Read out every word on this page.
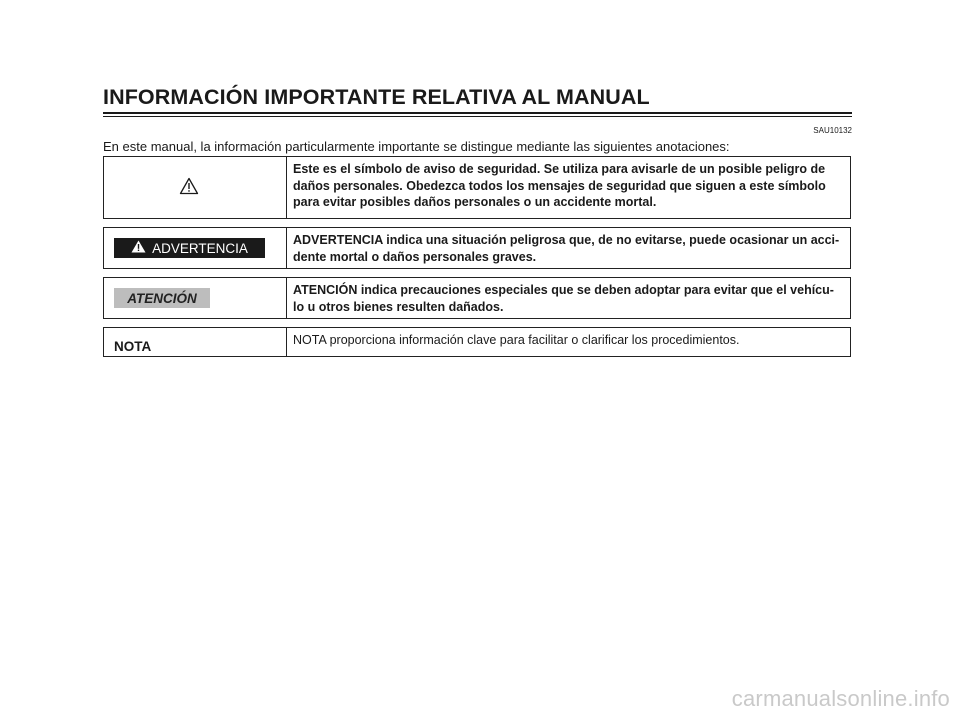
INFORMACIÓN IMPORTANTE RELATIVA AL MANUAL
SAU10132
En este manual, la información particularmente importante se distingue mediante las siguientes anotaciones:
Este es el símbolo de aviso de seguridad. Se utiliza para avisarle de un posible peligro de
daños personales. Obedezca todos los mensajes de seguridad que siguen a este símbolo
para evitar posibles daños personales o un accidente mortal.
ADVERTENCIA
ADVERTENCIA indica una situación peligrosa que, de no evitarse, puede ocasionar un acci-
dente mortal o daños personales graves.
ATENCIÓN
ATENCIÓN indica precauciones especiales que se deben adoptar para evitar que el vehícu-
lo u otros bienes resulten dañados.
NOTA	NOTA proporciona información clave para facilitar o clarificar los procedimientos.
carmanualsonline.info
